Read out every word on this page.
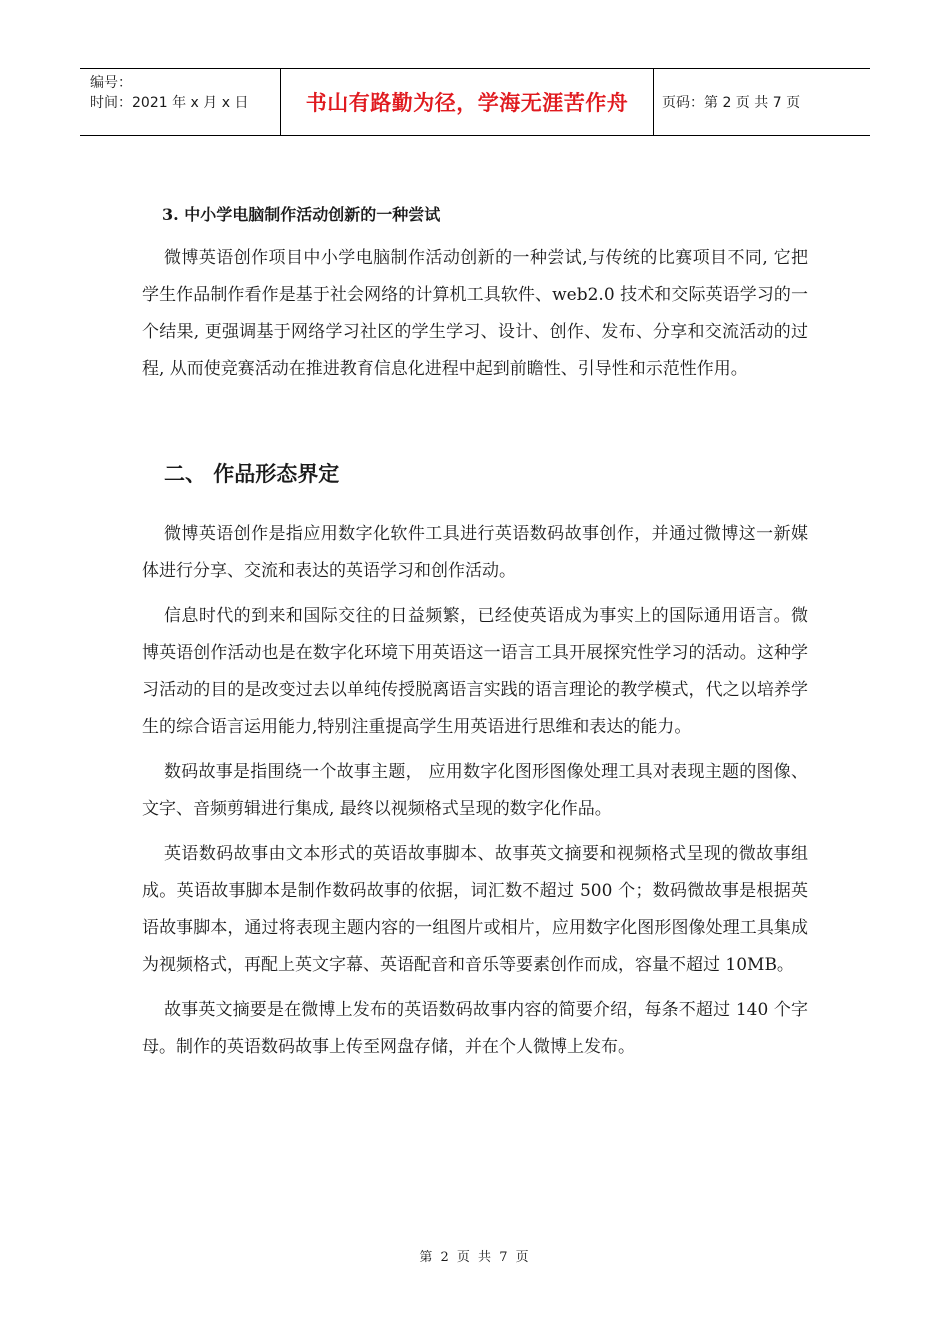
编号：
时间：2021 年 x 月 x 日	书山有路勤为径，学海无涯苦作舟 页码：第 2 页 共 7 页
3. 中小学电脑制作活动创新的一种尝试

微博英语创作项目中小学电脑制作活动创新的一种尝试,与传统的比赛项目不同, 它把学生作品制作看作是基于社会网络的计算机工具软件、web2.0 技术和交际英语学习的一个结果, 更强调基于网络学习社区的学生学习、设计、创作、发布、分享和交流活动的过程, 从而使竞赛活动在推进教育信息化进程中起到前瞻性、引导性和示范性作用。

二、 作品形态界定

微博英语创作是指应用数字化软件工具进行英语数码故事创作，并通过微博这一新媒体进行分享、交流和表达的英语学习和创作活动。

信息时代的到来和国际交往的日益频繁，已经使英语成为事实上的国际通用语言。微博英语创作活动也是在数字化环境下用英语这一语言工具开展探究性学习的活动。这种学习活动的目的是改变过去以单纯传授脱离语言实践的语言理论的教学模式，代之以培养学生的综合语言运用能力,特别注重提高学生用英语进行思维和表达的能力。

数码故事是指围绕一个故事主题， 应用数字化图形图像处理工具对表现主题的图像、文字、音频剪辑进行集成, 最终以视频格式呈现的数字化作品。

英语数码故事由文本形式的英语故事脚本、故事英文摘要和视频格式呈现的微故事组成。英语故事脚本是制作数码故事的依据，词汇数不超过 500 个；数码微故事是根据英语故事脚本，通过将表现主题内容的一组图片或相片，应用数字化图形图像处理工具集成为视频格式，再配上英文字幕、英语配音和音乐等要素创作而成，容量不超过 10MB。

故事英文摘要是在微博上发布的英语数码故事内容的简要介绍，每条不超过 140 个字母。制作的英语数码故事上传至网盘存储，并在个人微博上发布。

第 2 页 共 7 页
